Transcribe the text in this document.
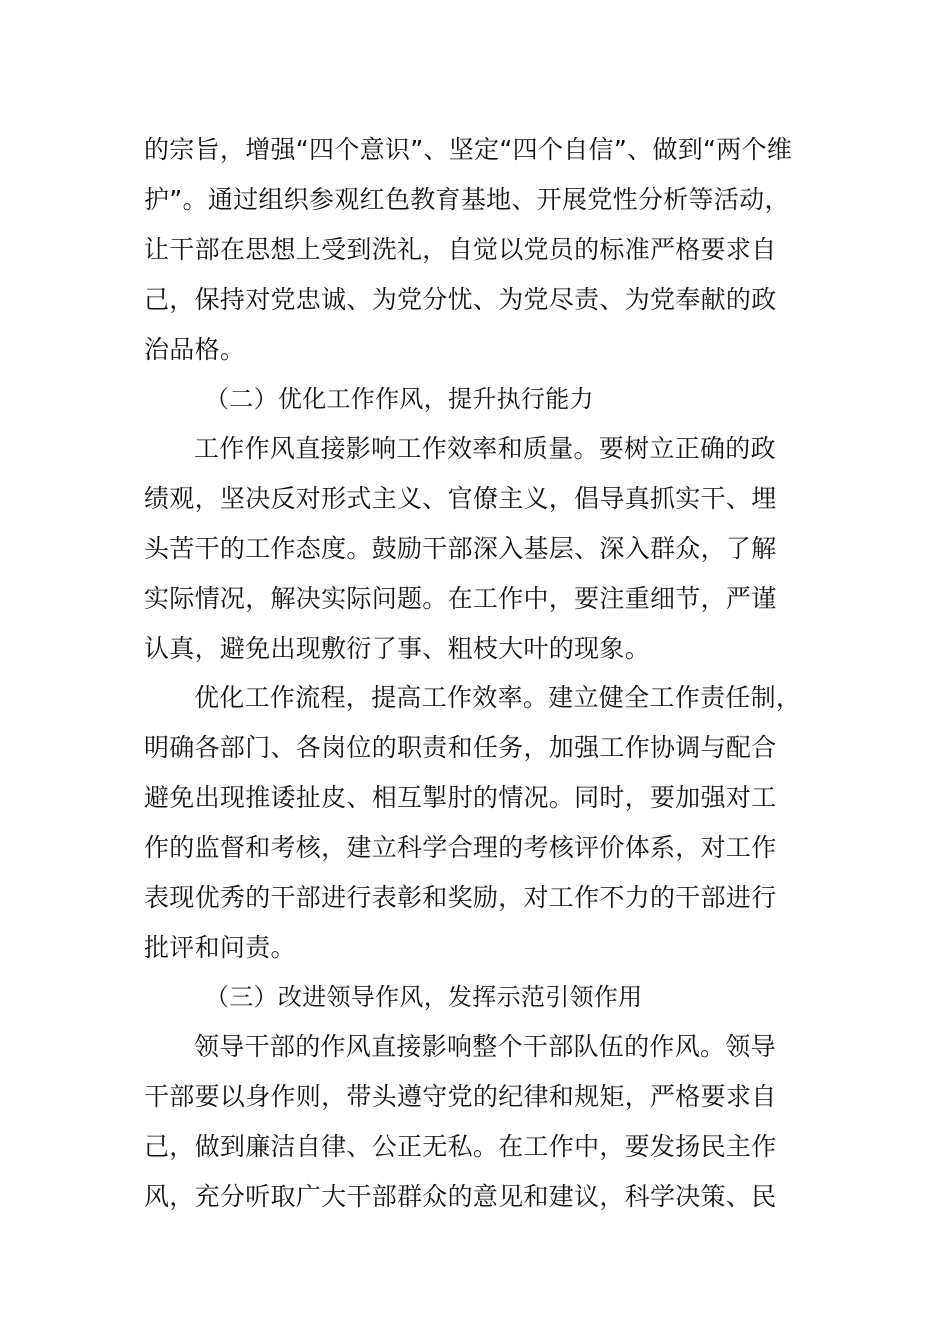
的宗旨，增强“四个意识”、坚定“四个自信”、做到“两个维
护”。通过组织参观红色教育基地、开展党性分析等活动，
让干部在思想上受到洗礼，自觉以党员的标准严格要求自
己，保持对党忠诚、为党分忧、为党尽责、为党奉献的政
治品格。
（二）优化工作作风，提升执行能力
工作作风直接影响工作效率和质量。要树立正确的政
绩观，坚决反对形式主义、官僚主义，倡导真抓实干、埋
头苦干的工作态度。鼓励干部深入基层、深入群众，了解
实际情况，解决实际问题。在工作中，要注重细节，严谨
认真，避免出现敷衍了事、粗枝大叶的现象。
优化工作流程，提高工作效率。建立健全工作责任制，
明确各部门、各岗位的职责和任务，加强工作协调与配合
避免出现推诿扯皮、相互掣肘的情况。同时，要加强对工
作的监督和考核，建立科学合理的考核评价体系，对工作
表现优秀的干部进行表彰和奖励，对工作不力的干部进行
批评和问责。
（三）改进领导作风，发挥示范引领作用
领导干部的作风直接影响整个干部队伍的作风。领导
干部要以身作则，带头遵守党的纪律和规矩，严格要求自
己，做到廉洁自律、公正无私。在工作中，要发扬民主作
风，充分听取广大干部群众的意见和建议，科学决策、民
